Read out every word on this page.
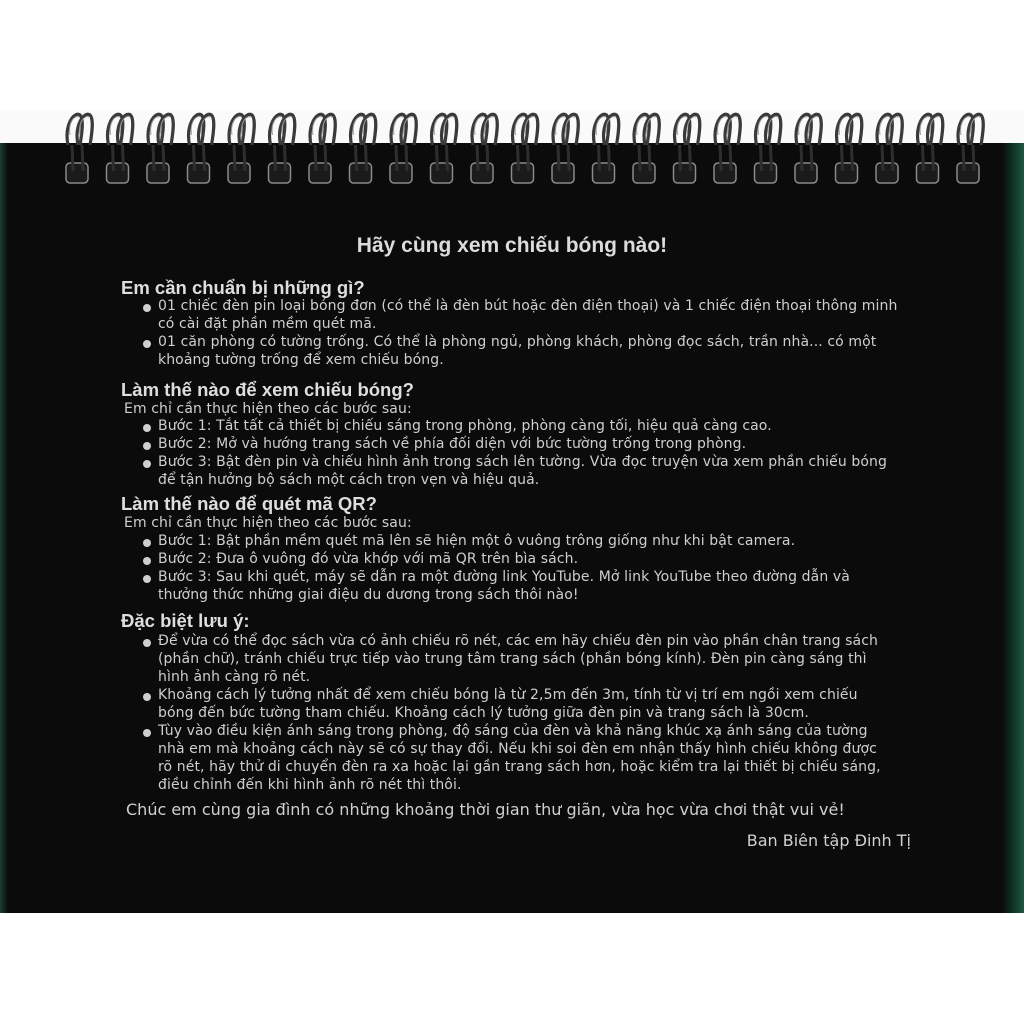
Hãy cùng xem chiếu bóng nào!
Em cần chuẩn bị những gì?
01 chiếc đèn pin loại bóng đơn (có thể là đèn bút hoặc đèn điện thoại) và 1 chiếc điện thoại thông minh
có cài đặt phần mềm quét mã.
01 căn phòng có tường trống. Có thể là phòng ngủ, phòng khách, phòng đọc sách, trần nhà... có một
khoảng tường trống để xem chiếu bóng.
Làm thế nào để xem chiếu bóng?
Em chỉ cần thực hiện theo các bước sau:
Bước 1: Tắt tất cả thiết bị chiếu sáng trong phòng, phòng càng tối, hiệu quả càng cao.
Bước 2: Mở và hướng trang sách về phía đối diện với bức tường trống trong phòng.
Bước 3: Bật đèn pin và chiếu hình ảnh trong sách lên tường. Vừa đọc truyện vừa xem phần chiếu bóng
để tận hưởng bộ sách một cách trọn vẹn và hiệu quả.
Làm thế nào để quét mã QR?
Em chỉ cần thực hiện theo các bước sau:
Bước 1: Bật phần mềm quét mã lên sẽ hiện một ô vuông trông giống như khi bật camera.
Bước 2: Đưa ô vuông đó vừa khớp với mã QR trên bìa sách.
Bước 3: Sau khi quét, máy sẽ dẫn ra một đường link YouTube. Mở link YouTube theo đường dẫn và
thưởng thức những giai điệu du dương trong sách thôi nào!
Đặc biệt lưu ý:
Để vừa có thể đọc sách vừa có ảnh chiếu rõ nét, các em hãy chiếu đèn pin vào phần chân trang sách
(phần chữ), tránh chiếu trực tiếp vào trung tâm trang sách (phần bóng kính). Đèn pin càng sáng thì
hình ảnh càng rõ nét.
Khoảng cách lý tưởng nhất để xem chiếu bóng là từ 2,5m đến 3m, tính từ vị trí em ngồi xem chiếu
bóng đến bức tường tham chiếu. Khoảng cách lý tưởng giữa đèn pin và trang sách là 30cm.
Tùy vào điều kiện ánh sáng trong phòng, độ sáng của đèn và khả năng khúc xạ ánh sáng của tường
nhà em mà khoảng cách này sẽ có sự thay đổi. Nếu khi soi đèn em nhận thấy hình chiếu không được
rõ nét, hãy thử di chuyển đèn ra xa hoặc lại gần trang sách hơn, hoặc kiểm tra lại thiết bị chiếu sáng,
điều chỉnh đến khi hình ảnh rõ nét thì thôi.
Chúc em cùng gia đình có những khoảng thời gian thư giãn, vừa học vừa chơi thật vui vẻ!
Ban Biên tập Đinh Tị
